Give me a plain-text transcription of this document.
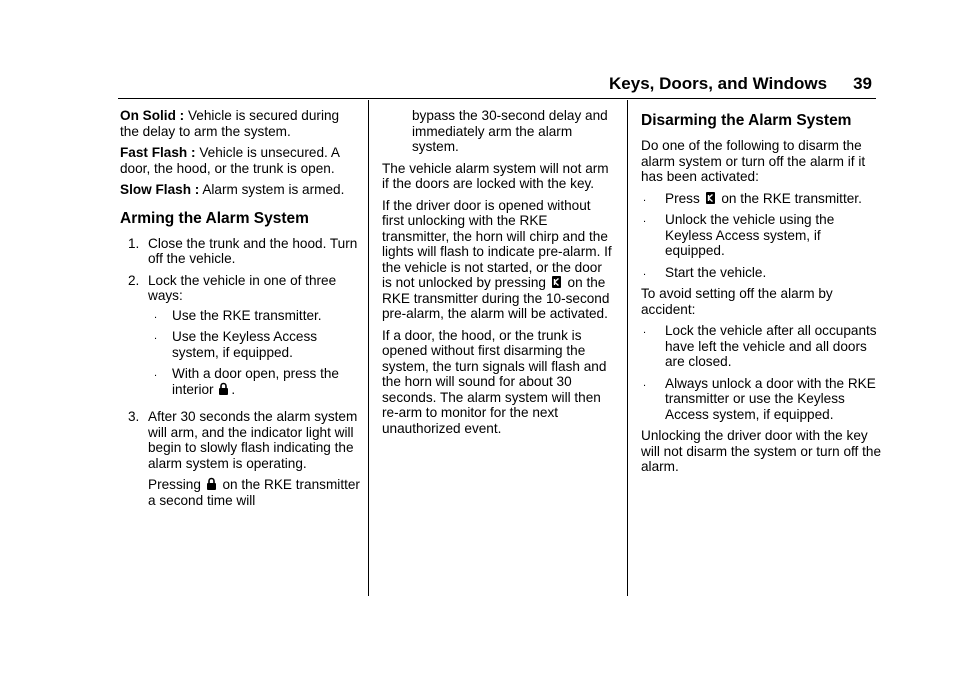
Keys, Doors, and Windows 39

On Solid : Vehicle is secured during the delay to arm the system.

Fast Flash : Vehicle is unsecured. A door, the hood, or the trunk is open.

Slow Flash : Alarm system is armed.

Arming the Alarm System
1. Close the trunk and the hood. Turn off the vehicle.
2. Lock the vehicle in one of three ways:
.	Use the RKE transmitter.
.	Use the Keyless Access system, if equipped.
.	With a door open, press the interior .
3. After 30 seconds the alarm system will arm, and the indicator light will begin to slowly flash indicating the alarm system is operating.
Pressing on the RKE transmitter a second time will

bypass the 30-second delay and immediately arm the alarm system.

The vehicle alarm system will not arm if the doors are locked with the key.

If the driver door is opened without first unlocking with the RKE transmitter, the horn will chirp and the lights will flash to indicate pre-alarm. If the vehicle is not started, or the door is not unlocked by pressing on the RKE transmitter during the 10-second pre-alarm, the alarm will be activated.

If a door, the hood, or the trunk is opened without first disarming the system, the turn signals will flash and the horn will sound for about 30 seconds. The alarm system will then re-arm to monitor for the next unauthorized event.

Disarming the Alarm System

Do one of the following to disarm the alarm system or turn off the alarm if it has been activated:

.	Press on the RKE transmitter.
.	Unlock the vehicle using the Keyless Access system, if equipped.
.	Start the vehicle.

To avoid setting off the alarm by accident:

.	Lock the vehicle after all occupants have left the vehicle and all doors are closed.
.	Always unlock a door with the RKE transmitter or use the Keyless Access system, if equipped.

Unlocking the driver door with the key will not disarm the system or turn off the alarm.
